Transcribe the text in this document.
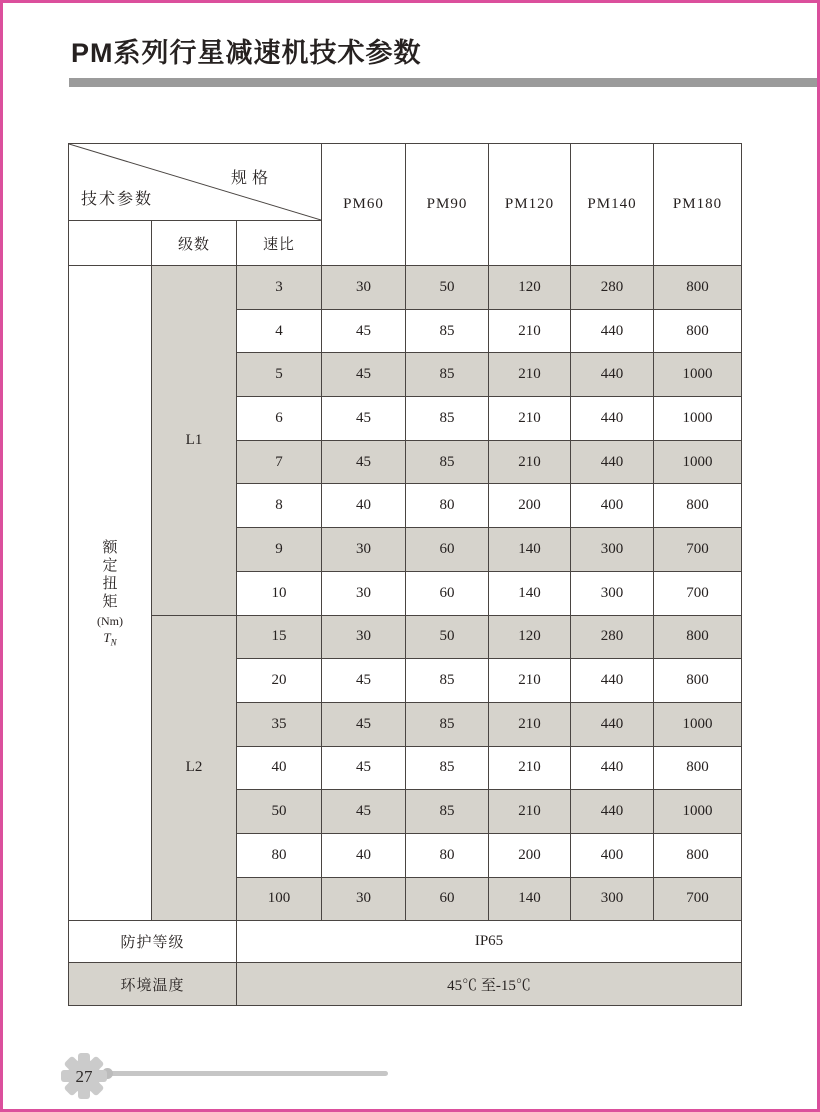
PM系列行星减速机技术参数
规格
技术参数			PM60	PM90	PM120	PM140	PM180
	级数	速比					

额定扭矩
(Nm)
$T_N$	L1	3	30	50	120	280	800
		4	45	85	210	440	800
		5	45	85	210	440	1000
		6	45	85	210	440	1000
		7	45	85	210	440	1000
		8	40	80	200	400	800
		9	30	60	140	300	700
		10	30	60	140	300	700
	L2	15	30	50	120	280	800
		20	45	85	210	440	800
		35	45	85	210	440	1000
		40	45	85	210	440	800
		50	45	85	210	440	1000
		80	40	80	200	400	800
		100	30	60	140	300	700
防护等级		IP65					
环境温度		45℃ 至-15℃					
27
